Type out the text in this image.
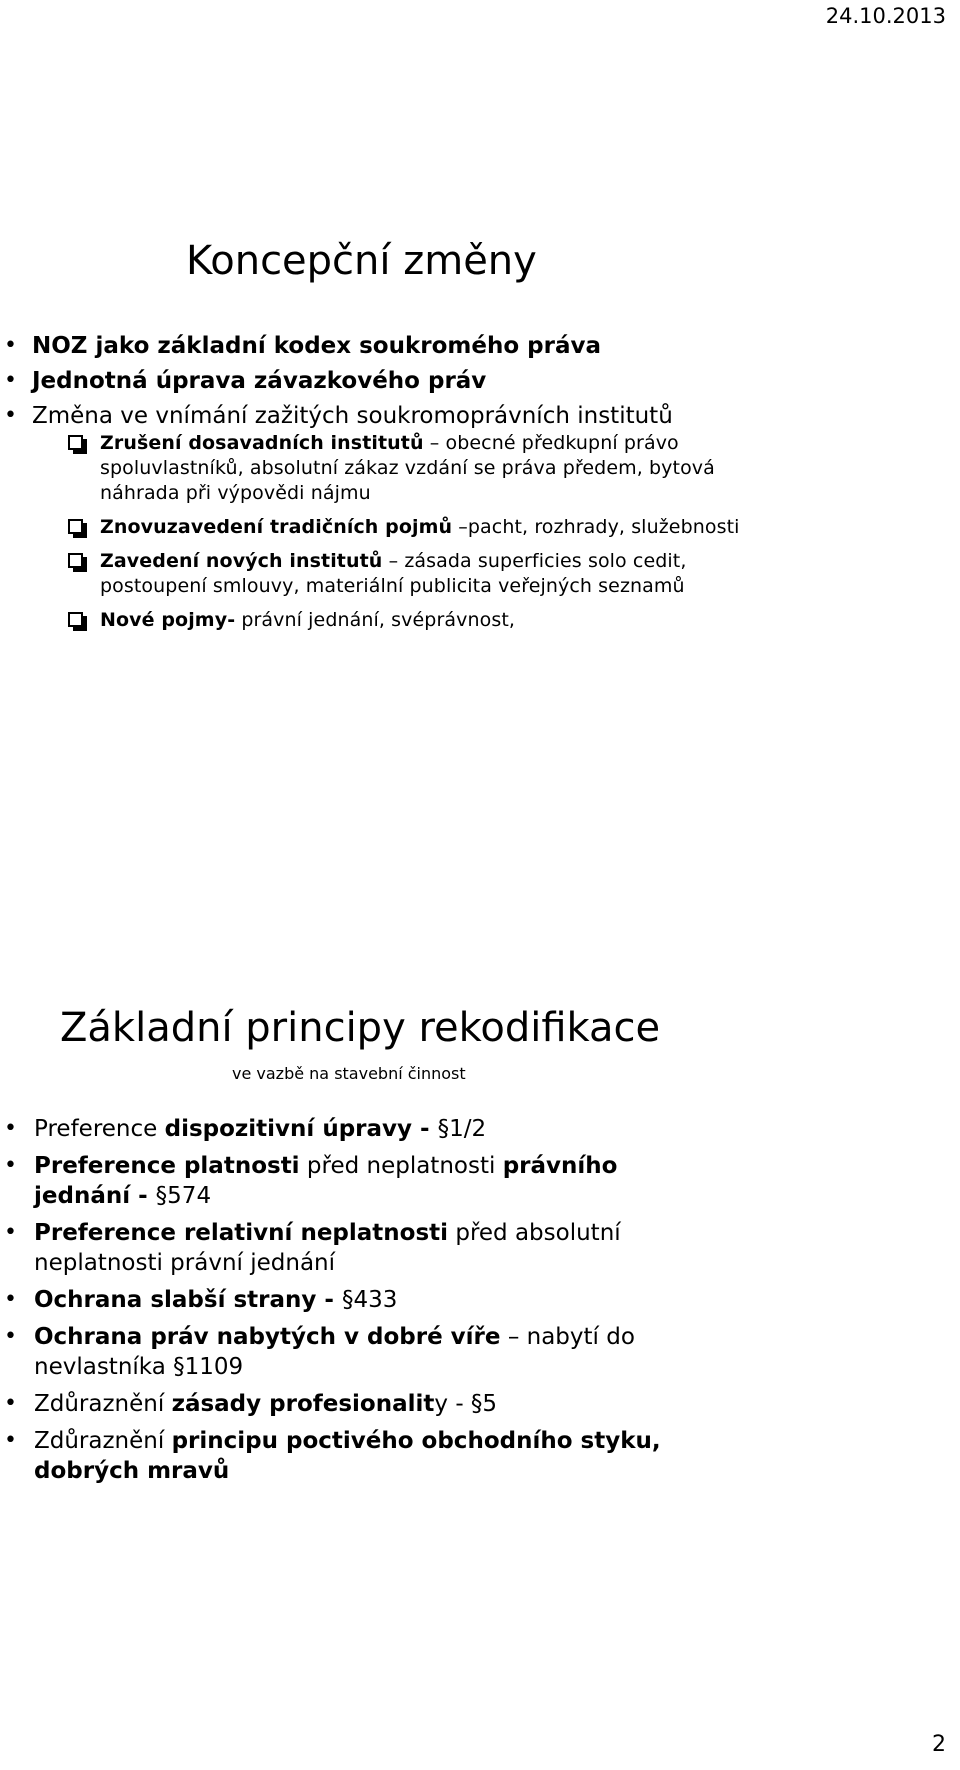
24.10.2013
Koncepční změny
• NOZ jako základní kodex soukromého práva
• Jednotná úprava závazkového práv
• Změna ve vnímání zažitých soukromoprávních institutů
Zrušení dosavadních institutů – obecné předkupní právo spoluvlastníků, absolutní zákaz vzdání se práva předem, bytová náhrada při výpovědi nájmu
Znovuzavedení tradičních pojmů –pacht, rozhrady, služebnosti
Zavedení nových institutů – zásada superficies solo cedit, postoupení smlouvy, materiální publicita veřejných seznamů
Nové pojmy- právní jednání, svéprávnost,
Základní principy rekodifikace
ve vazbě na stavební činnost
• Preference dispozitivní úpravy - §1/2
• Preference platnosti před neplatnosti právního jednání - §574
• Preference relativní neplatnosti před absolutní neplatnosti právní jednání
• Ochrana slabší strany - §433
• Ochrana práv nabytých v dobré víře – nabytí do nevlastníka §1109
• Zdůraznění zásady profesionality - §5
• Zdůraznění principu poctivého obchodního styku, dobrých mravů
2
